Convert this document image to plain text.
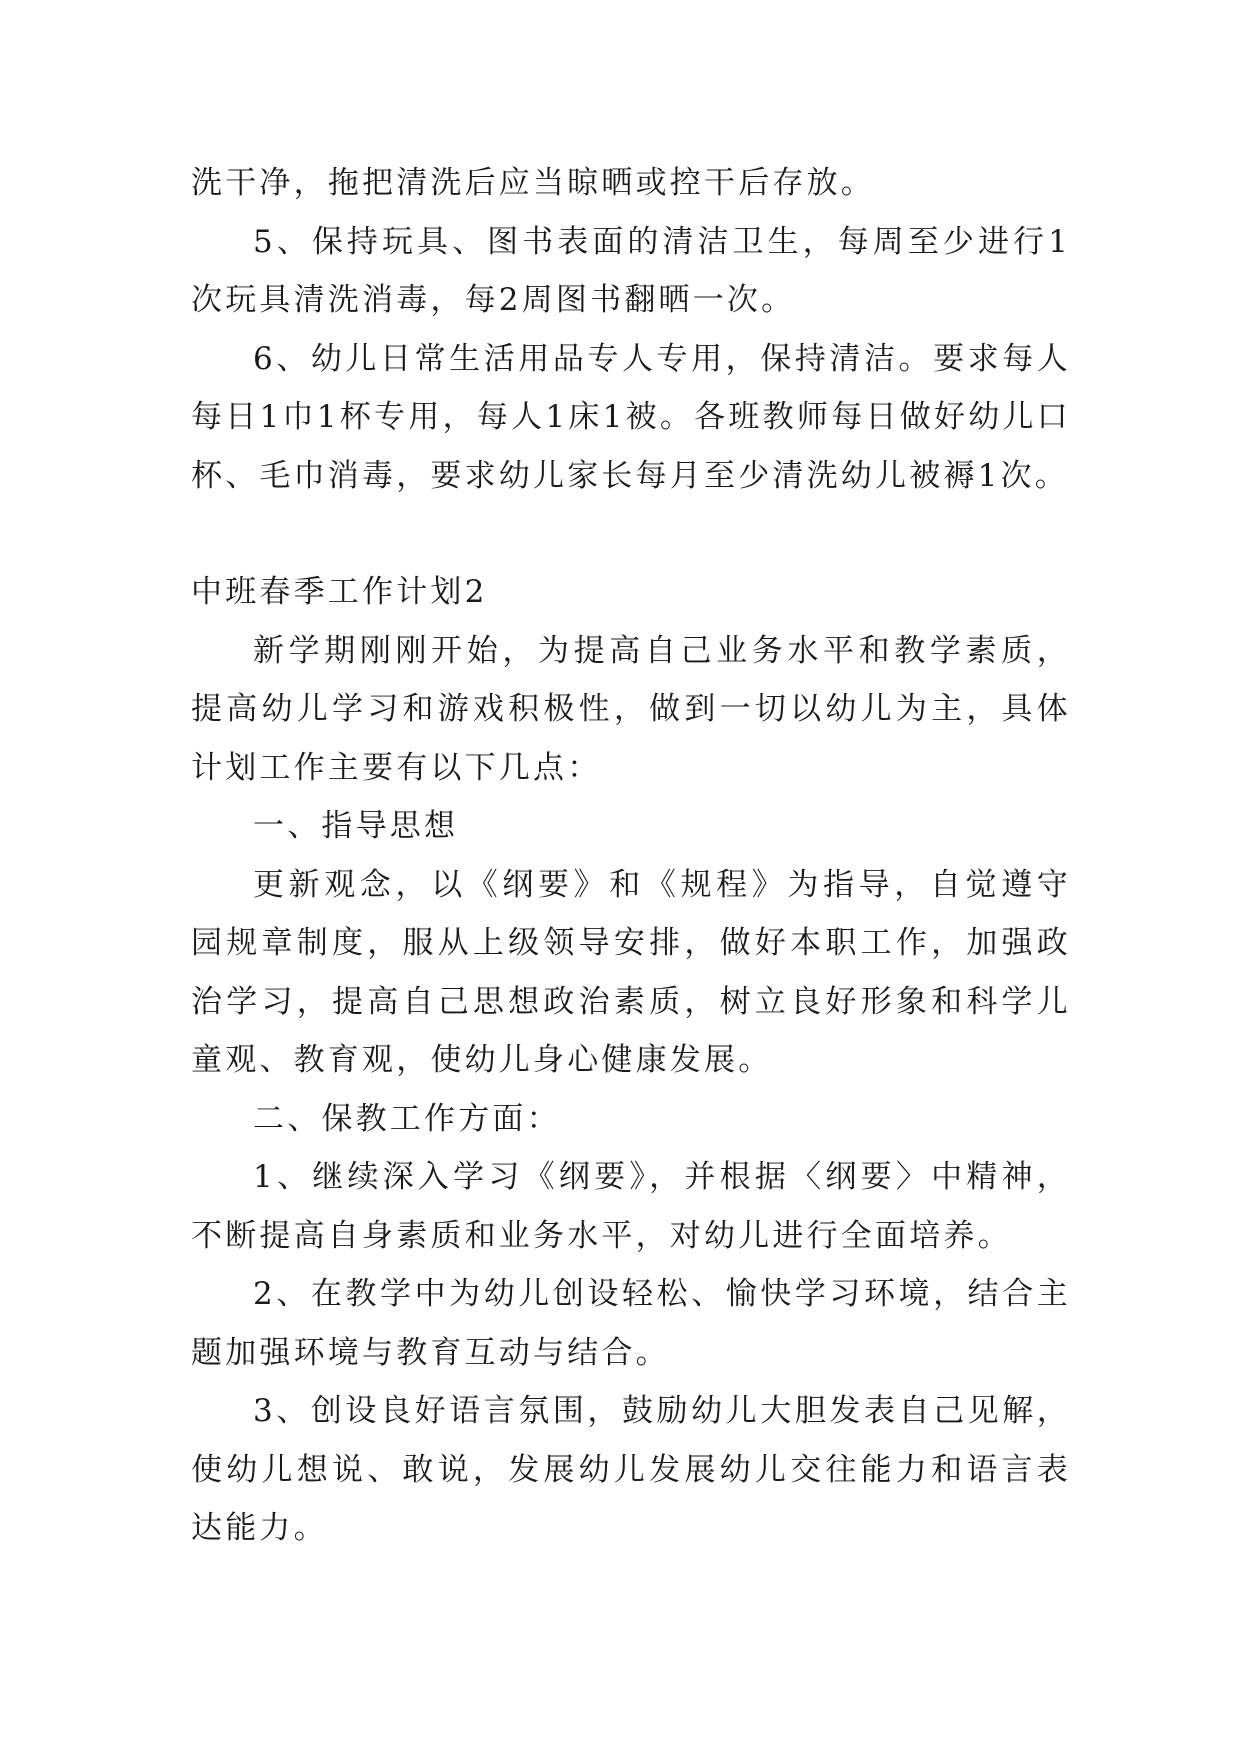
洗干净，拖把清洗后应当晾晒或控干后存放。

5、保持玩具、图书表面的清洁卫生，每周至少进行1次玩具清洗消毒，每2周图书翻晒一次。

6、幼儿日常生活用品专人专用，保持清洁。要求每人每日1巾1杯专用，每人1床1被。各班教师每日做好幼儿口杯、毛巾消毒，要求幼儿家长每月至少清洗幼儿被褥1次。

中班春季工作计划2

新学期刚刚开始，为提高自己业务水平和教学素质，提高幼儿学习和游戏积极性，做到一切以幼儿为主，具体计划工作主要有以下几点：

一、指导思想

更新观念，以《纲要》和《规程》为指导，自觉遵守园规章制度，服从上级领导安排，做好本职工作，加强政治学习，提高自己思想政治素质，树立良好形象和科学儿童观、教育观，使幼儿身心健康发展。

二、保教工作方面：

1、继续深入学习《纲要》，并根据〈纲要〉中精神，不断提高自身素质和业务水平，对幼儿进行全面培养。

2、在教学中为幼儿创设轻松、愉快学习环境，结合主题加强环境与教育互动与结合。

3、创设良好语言氛围，鼓励幼儿大胆发表自己见解，使幼儿想说、敢说，发展幼儿发展幼儿交往能力和语言表达能力。
